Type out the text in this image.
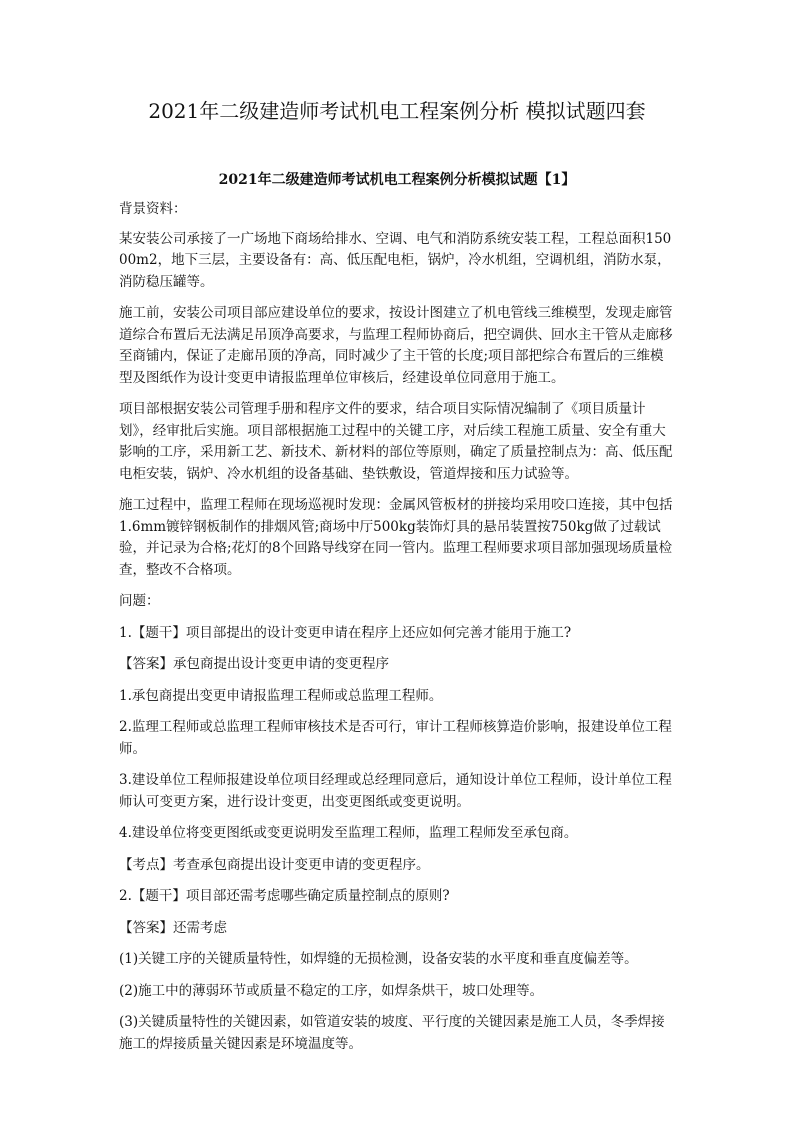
2021年二级建造师考试机电工程案例分析 模拟试题四套
2021年二级建造师考试机电工程案例分析模拟试题【1】

背景资料：

某安装公司承接了一广场地下商场给排水、空调、电气和消防系统安装工程，工程总面积15000m2，地下三层，主要设备有：高、低压配电柜，锅炉，冷水机组，空调机组，消防水泵，消防稳压罐等。

施工前，安装公司项目部应建设单位的要求，按设计图建立了机电管线三维模型，发现走廊管道综合布置后无法满足吊顶净高要求，与监理工程师协商后，把空调供、回水主干管从走廊移至商铺内，保证了走廊吊顶的净高，同时减少了主干管的长度;项目部把综合布置后的三维模型及图纸作为设计变更申请报监理单位审核后，经建设单位同意用于施工。

项目部根据安装公司管理手册和程序文件的要求，结合项目实际情况编制了《项目质量计划》，经审批后实施。项目部根据施工过程中的关键工序，对后续工程施工质量、安全有重大影响的工序，采用新工艺、新技术、新材料的部位等原则，确定了质量控制点为：高、低压配电柜安装，锅炉、冷水机组的设备基础、垫铁敷设，管道焊接和压力试验等。

施工过程中，监理工程师在现场巡视时发现：金属风管板材的拼接均采用咬口连接，其中包括1.6mm镀锌钢板制作的排烟风管;商场中厅500kg装饰灯具的悬吊装置按750kg做了过载试验，并记录为合格;花灯的8个回路导线穿在同一管内。监理工程师要求项目部加强现场质量检查，整改不合格项。

问题：

1.【题干】项目部提出的设计变更申请在程序上还应如何完善才能用于施工?

【答案】承包商提出设计变更申请的变更程序

1.承包商提出变更申请报监理工程师或总监理工程师。

2.监理工程师或总监理工程师审核技术是否可行，审计工程师核算造价影响，报建设单位工程师。

3.建设单位工程师报建设单位项目经理或总经理同意后，通知设计单位工程师，设计单位工程师认可变更方案，进行设计变更，出变更图纸或变更说明。

4.建设单位将变更图纸或变更说明发至监理工程师，监理工程师发至承包商。

【考点】考查承包商提出设计变更申请的变更程序。

2.【题干】项目部还需考虑哪些确定质量控制点的原则?

【答案】还需考虑

(1)关键工序的关键质量特性，如焊缝的无损检测，设备安装的水平度和垂直度偏差等。

(2)施工中的薄弱环节或质量不稳定的工序，如焊条烘干，坡口处理等。

(3)关键质量特性的关键因素，如管道安装的坡度、平行度的关键因素是施工人员，冬季焊接施工的焊接质量关键因素是环境温度等。
